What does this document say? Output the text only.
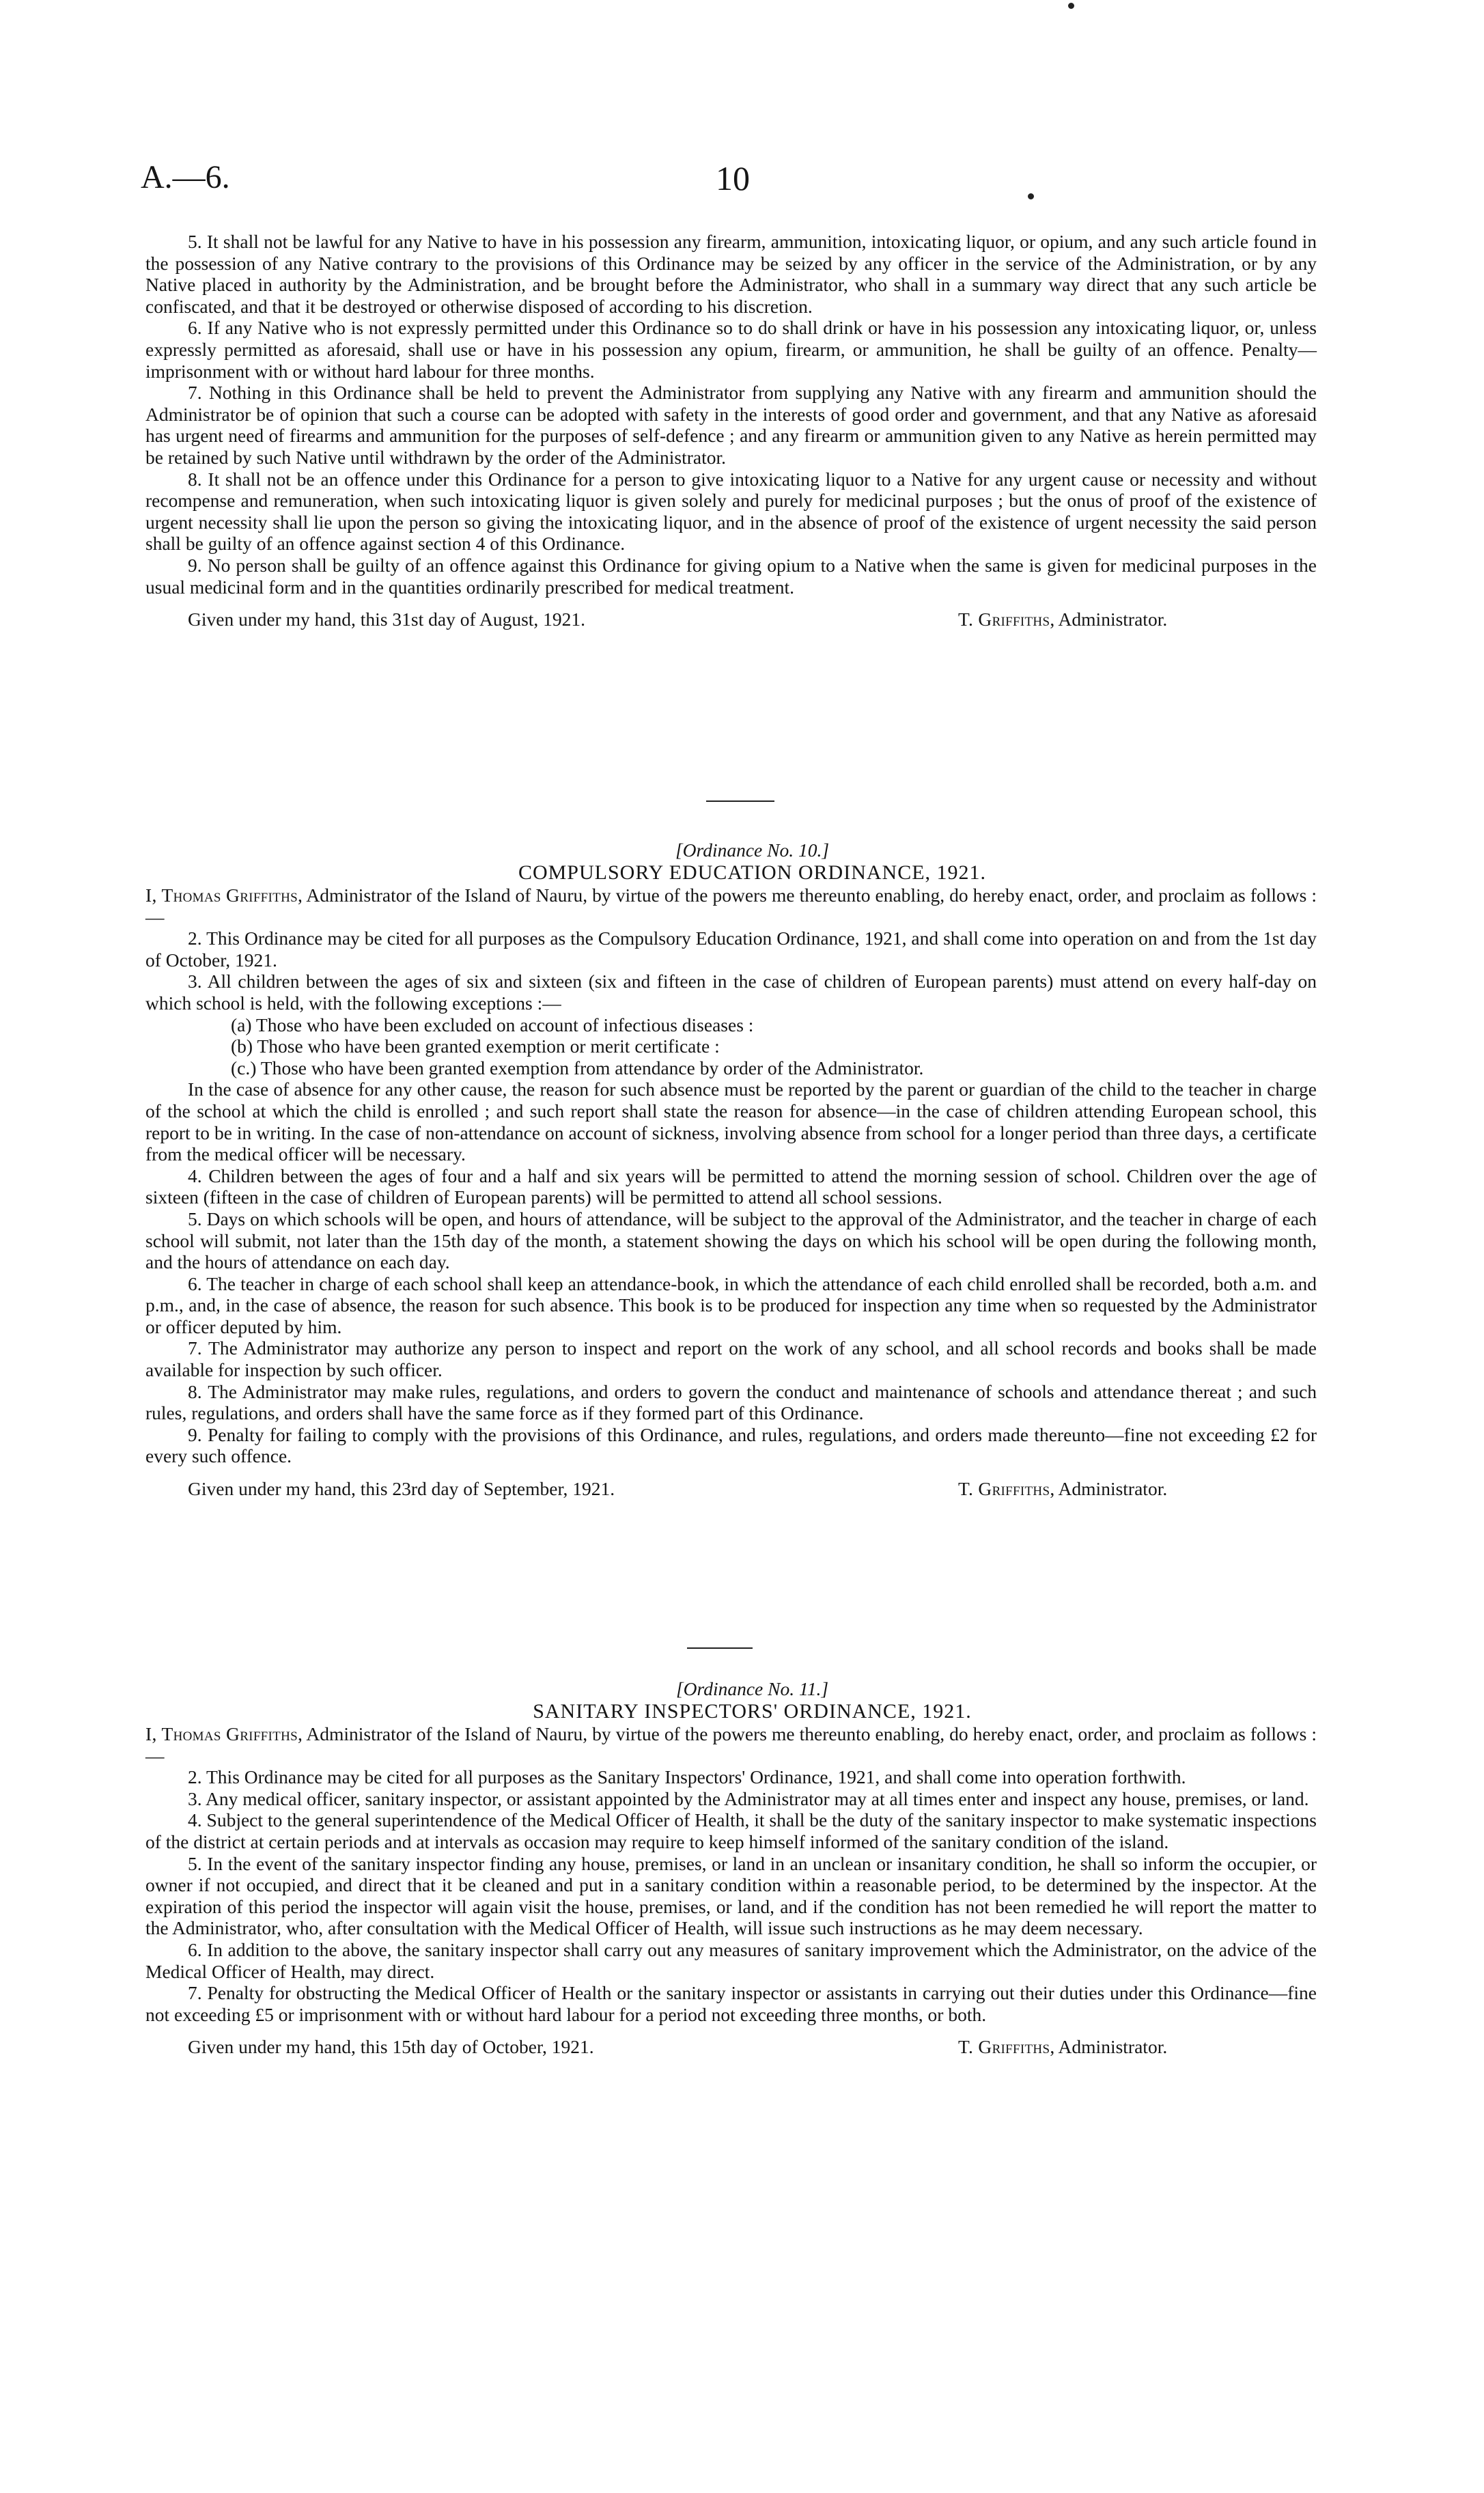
A.—6.	10

5. It shall not be lawful for any Native to have in his possession any firearm, ammunition, intoxicating liquor, or opium, and any such article found in the possession of any Native contrary to the provisions of this Ordinance may be seized by any officer in the service of the Administration, or by any Native placed in authority by the Administration, and be brought before the Administrator, who shall in a summary way direct that any such article be confiscated, and that it be destroyed or otherwise disposed of according to his discretion.

6. If any Native who is not expressly permitted under this Ordinance so to do shall drink or have in his possession any intoxicating liquor, or, unless expressly permitted as aforesaid, shall use or have in his possession any opium, firearm, or ammunition, he shall be guilty of an offence. Penalty—imprisonment with or without hard labour for three months.

7. Nothing in this Ordinance shall be held to prevent the Administrator from supplying any Native with any firearm and ammunition should the Administrator be of opinion that such a course can be adopted with safety in the interests of good order and government, and that any Native as aforesaid has urgent need of firearms and ammunition for the purposes of self-defence ; and any firearm or ammunition given to any Native as herein permitted may be retained by such Native until withdrawn by the order of the Administrator.

8. It shall not be an offence under this Ordinance for a person to give intoxicating liquor to a Native for any urgent cause or necessity and without recompense and remuneration, when such intoxicating liquor is given solely and purely for medicinal purposes ; but the onus of proof of the existence of urgent necessity shall lie upon the person so giving the intoxicating liquor, and in the absence of proof of the existence of urgent necessity the said person shall be guilty of an offence against section 4 of this Ordinance.

9. No person shall be guilty of an offence against this Ordinance for giving opium to a Native when the same is given for medicinal purposes in the usual medicinal form and in the quantities ordinarily prescribed for medical treatment.

Given under my hand, this 31st day of August, 1921.	T. Griffiths, Administrator.

[Ordinance No. 10.]

COMPULSORY EDUCATION ORDINANCE, 1921.

I, Thomas Griffiths, Administrator of the Island of Nauru, by virtue of the powers me thereunto enabling, do hereby enact, order, and proclaim as follows :—

2. This Ordinance may be cited for all purposes as the Compulsory Education Ordinance, 1921, and shall come into operation on and from the 1st day of October, 1921.

3. All children between the ages of six and sixteen (six and fifteen in the case of children of European parents) must attend on every half-day on which school is held, with the following exceptions :—

(a) Those who have been excluded on account of infectious diseases :

(b) Those who have been granted exemption or merit certificate :

(c.) Those who have been granted exemption from attendance by order of the Administrator.

In the case of absence for any other cause, the reason for such absence must be reported by the parent or guardian of the child to the teacher in charge of the school at which the child is enrolled ; and such report shall state the reason for absence—in the case of children attending European school, this report to be in writing. In the case of non-attendance on account of sickness, involving absence from school for a longer period than three days, a certificate from the medical officer will be necessary.

4. Children between the ages of four and a half and six years will be permitted to attend the morning session of school. Children over the age of sixteen (fifteen in the case of children of European parents) will be permitted to attend all school sessions.

5. Days on which schools will be open, and hours of attendance, will be subject to the approval of the Administrator, and the teacher in charge of each school will submit, not later than the 15th day of the month, a statement showing the days on which his school will be open during the following month, and the hours of attendance on each day.

6. The teacher in charge of each school shall keep an attendance-book, in which the attendance of each child enrolled shall be recorded, both a.m. and p.m., and, in the case of absence, the reason for such absence. This book is to be produced for inspection any time when so requested by the Administrator or officer deputed by him.

7. The Administrator may authorize any person to inspect and report on the work of any school, and all school records and books shall be made available for inspection by such officer.

8. The Administrator may make rules, regulations, and orders to govern the conduct and maintenance of schools and attendance thereat ; and such rules, regulations, and orders shall have the same force as if they formed part of this Ordinance.

9. Penalty for failing to comply with the provisions of this Ordinance, and rules, regulations, and orders made thereunto—fine not exceeding £2 for every such offence.

Given under my hand, this 23rd day of September, 1921.	T. Griffiths, Administrator.

[Ordinance No. 11.]

SANITARY INSPECTORS' ORDINANCE, 1921.

I, Thomas Griffiths, Administrator of the Island of Nauru, by virtue of the powers me thereunto enabling, do hereby enact, order, and proclaim as follows :—

2. This Ordinance may be cited for all purposes as the Sanitary Inspectors' Ordinance, 1921, and shall come into operation forthwith.

3. Any medical officer, sanitary inspector, or assistant appointed by the Administrator may at all times enter and inspect any house, premises, or land.

4. Subject to the general superintendence of the Medical Officer of Health, it shall be the duty of the sanitary inspector to make systematic inspections of the district at certain periods and at intervals as occasion may require to keep himself informed of the sanitary condition of the island.

5. In the event of the sanitary inspector finding any house, premises, or land in an unclean or insanitary condition, he shall so inform the occupier, or owner if not occupied, and direct that it be cleaned and put in a sanitary condition within a reasonable period, to be determined by the inspector. At the expiration of this period the inspector will again visit the house, premises, or land, and if the condition has not been remedied he will report the matter to the Administrator, who, after consultation with the Medical Officer of Health, will issue such instructions as he may deem necessary.

6. In addition to the above, the sanitary inspector shall carry out any measures of sanitary improvement which the Administrator, on the advice of the Medical Officer of Health, may direct.

7. Penalty for obstructing the Medical Officer of Health or the sanitary inspector or assistants in carrying out their duties under this Ordinance—fine not exceeding £5 or imprisonment with or without hard labour for a period not exceeding three months, or both.

Given under my hand, this 15th day of October, 1921.	T. Griffiths, Administrator.
